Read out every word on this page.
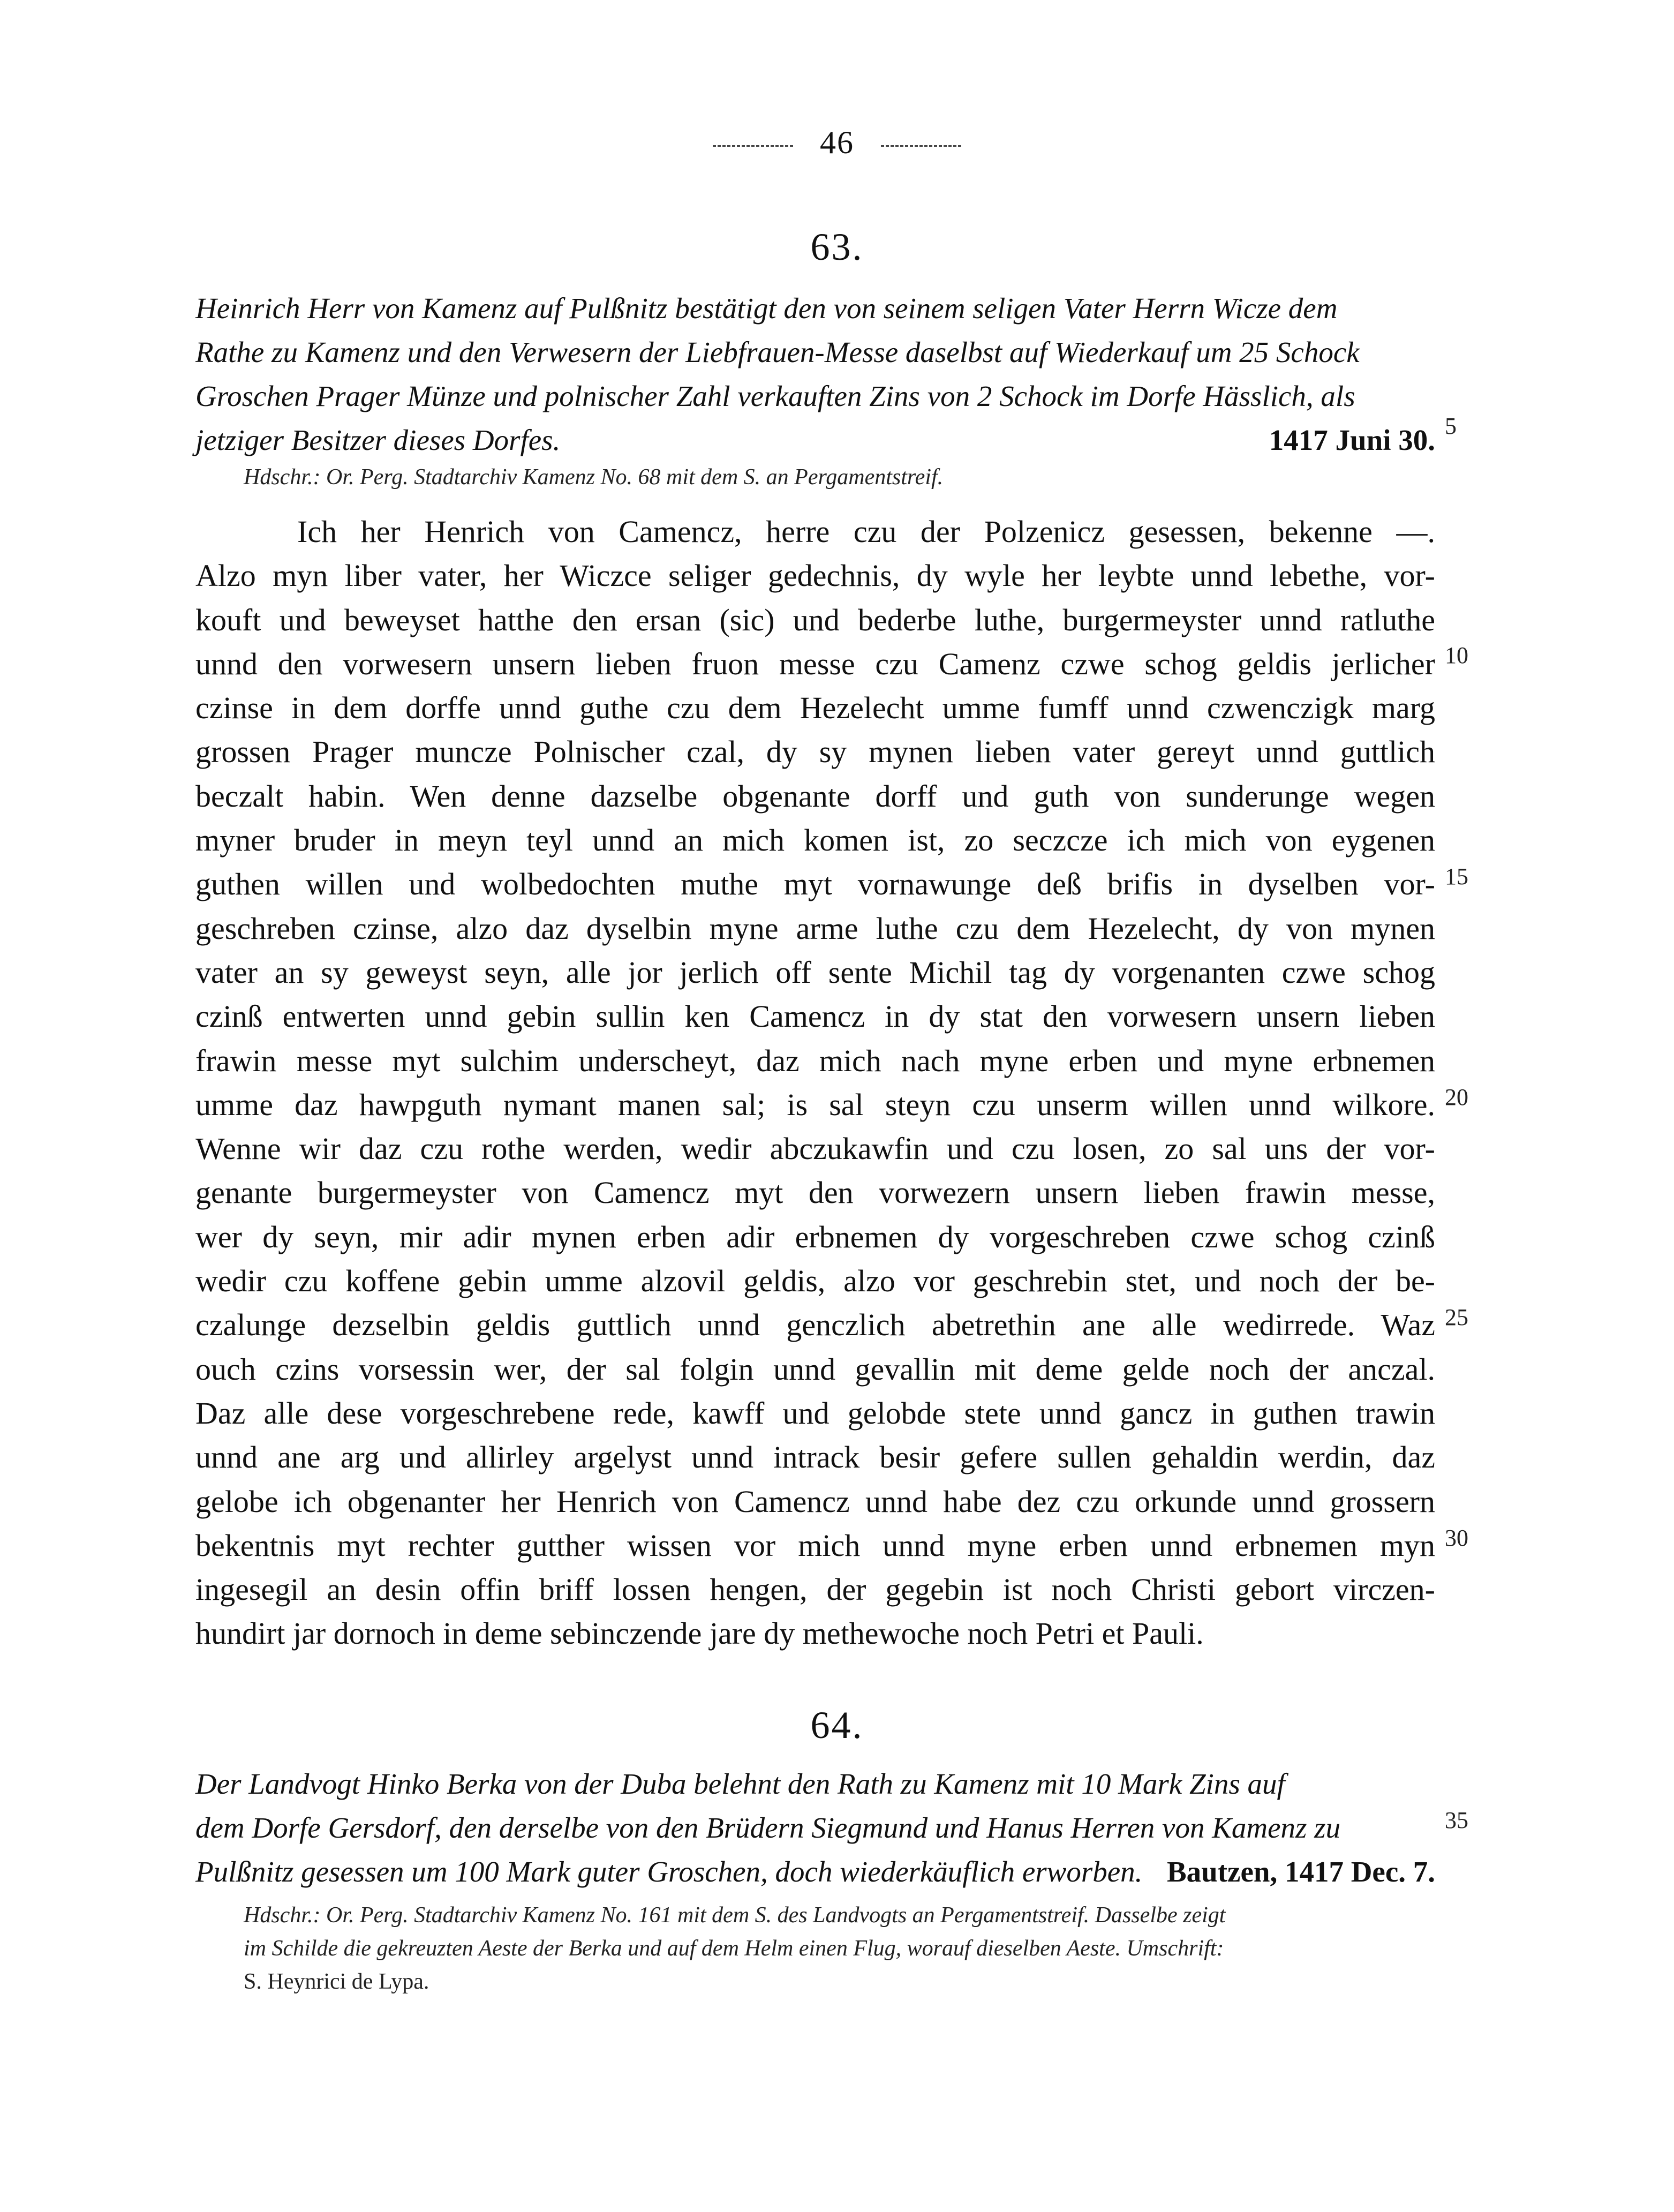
46
63.
Heinrich Herr von Kamenz auf Pulßnitz bestätigt den von seinem seligen Vater Herrn Wicze dem
Rathe zu Kamenz und den Verwesern der Liebfrauen-Messe daselbst auf Wiederkauf um 25 Schock
Groschen Prager Münze und polnischer Zahl verkauften Zins von 2 Schock im Dorfe Hässlich, als
1417 Juni 30.
jetziger Besitzer dieses Dorfes.
Hdschr.: Or. Perg. Stadtarchiv Kamenz No. 68 mit dem S. an Pergamentstreif.
Ich her Henrich von Camencz, herre czu der Polzenicz gesessen, bekenne —.
Alzo myn liber vater, her Wiczce seliger gedechnis, dy wyle her leybte unnd lebethe, vor-
kouft und beweyset hatthe den ersan (sic) und bederbe luthe, burgermeyster unnd ratluthe
unnd den vorwesern unsern lieben fruon messe czu Camenz czwe schog geldis jerlicher
czinse in dem dorffe unnd guthe czu dem Hezelecht umme fumff unnd czwenczigk marg
grossen Prager muncze Polnischer czal, dy sy mynen lieben vater gereyt unnd guttlich
beczalt habin. Wen denne dazselbe obgenante dorff und guth von sunderunge wegen
myner bruder in meyn teyl unnd an mich komen ist, zo seczcze ich mich von eygenen
guthen willen und wolbedochten muthe myt vornawunge deß brifis in dyselben vor-
geschreben czinse, alzo daz dyselbin myne arme luthe czu dem Hezelecht, dy von mynen
vater an sy geweyst seyn, alle jor jerlich off sente Michil tag dy vorgenanten czwe schog
czinß entwerten unnd gebin sullin ken Camencz in dy stat den vorwesern unsern lieben
frawin messe myt sulchim underscheyt, daz mich nach myne erben und myne erbnemen
umme daz hawpguth nymant manen sal; is sal steyn czu unserm willen unnd wilkore.
Wenne wir daz czu rothe werden, wedir abczukawfin und czu losen, zo sal uns der vor-
genante burgermeyster von Camencz myt den vorwezern unsern lieben frawin messe,
wer dy seyn, mir adir mynen erben adir erbnemen dy vorgeschreben czwe schog czinß
wedir czu koffene gebin umme alzovil geldis, alzo vor geschrebin stet, und noch der be-
czalunge dezselbin geldis guttlich unnd genczlich abetrethin ane alle wedirrede. Waz
ouch czins vorsessin wer, der sal folgin unnd gevallin mit deme gelde noch der anczal.
Daz alle dese vorgeschrebene rede, kawff und gelobde stete unnd gancz in guthen trawin
unnd ane arg und allirley argelyst unnd intrack besir gefere sullen gehaldin werdin, daz
gelobe ich obgenanter her Henrich von Camencz unnd habe dez czu orkunde unnd grossern
bekentnis myt rechter gutther wissen vor mich unnd myne erben unnd erbnemen myn
ingesegil an desin offin briff lossen hengen, der gegebin ist noch Christi gebort virczen-
hundirt jar dornoch in deme sebinczende jare dy methewoche noch Petri et Pauli.
64.
Der Landvogt Hinko Berka von der Duba belehnt den Rath zu Kamenz mit 10 Mark Zins auf
dem Dorfe Gersdorf, den derselbe von den Brüdern Siegmund und Hanus Herren von Kamenz zu
Bautzen, 1417 Dec. 7.
Pulßnitz gesessen um 100 Mark guter Groschen, doch wiederkäuflich erworben.
Hdschr.: Or. Perg. Stadtarchiv Kamenz No. 161 mit dem S. des Landvogts an Pergamentstreif. Dasselbe zeigt
im Schilde die gekreuzten Aeste der Berka und auf dem Helm einen Flug, worauf dieselben Aeste. Umschrift:
S. Heynrici de Lypa.
5
10
15
20
25
30
35
